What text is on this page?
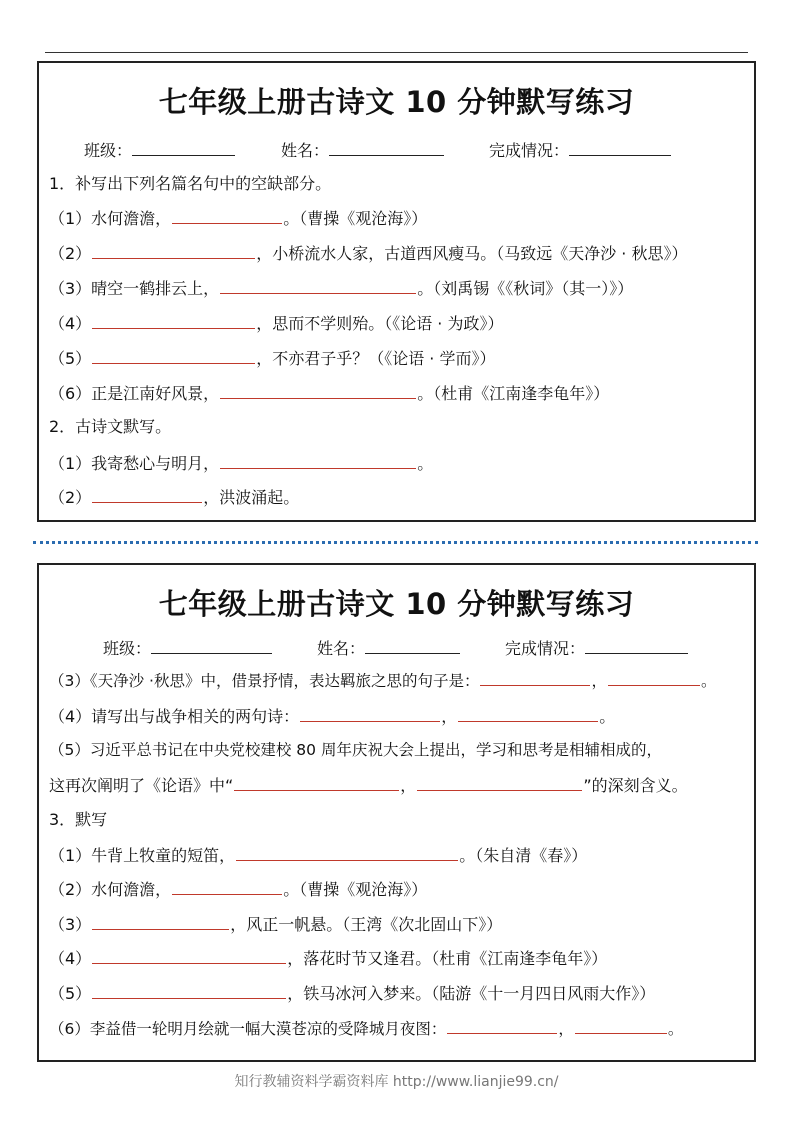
七年级上册古诗文 10 分钟默写练习
班级：	姓名：	完成情况：
1．补写出下列名篇名句中的空缺部分。
（1）水何澹澹，	。（曹操《观沧海》）
（2）	，小桥流水人家，古道西风瘦马。（马致远《天净沙 · 秋思》）
（3）晴空一鹤排云上，	。（刘禹锡《《秋词》（其一）》）
（4）	，思而不学则殆。（《论语 · 为政》）
（5）	，不亦君子乎？（《论语 · 学而》）
（6）正是江南好风景，	。（杜甫《江南逢李龟年》）
2．古诗文默写。
（1）我寄愁心与明月，	。
（2）	，洪波涌起。
七年级上册古诗文 10 分钟默写练习
班级：	姓名：	完成情况：
（3）《天净沙 ·秋思》中，借景抒情，表达羁旅之思的句子是：	，	。
（4）请写出与战争相关的两句诗：	，	。
（5）习近平总书记在中央党校建校 80 周年庆祝大会上提出，学习和思考是相辅相成的，
这再次阐明了《论语》中“	，	”的深刻含义。
3．默写
（1）牛背上牧童的短笛，	。（朱自清《春》）
（2）水何澹澹，	。（曹操《观沧海》）
（3）	，风正一帆悬。（王湾《次北固山下》）
（4）	，落花时节又逢君。（杜甫《江南逢李龟年》）
（5）	，铁马冰河入梦来。（陆游《十一月四日风雨大作》）
（6）李益借一轮明月绘就一幅大漠苍凉的受降城月夜图：	，	。
知行教辅资料学霸资料库 http://www.lianjie99.cn/
